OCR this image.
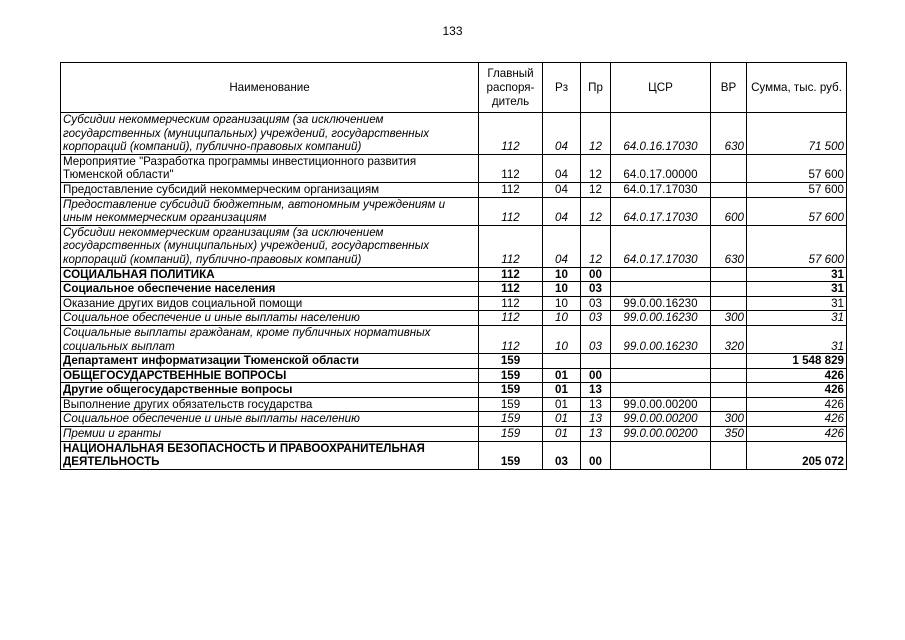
133
Наименование	Главный распоря-дитель	Рз	Пр	ЦСР	ВР	Сумма, тыс. руб.
Субсидии некоммерческим организациям (за исключением государственных (муниципальных) учреждений, государственных корпораций (компаний), публично-правовых компаний)	112	04	12	64.0.16.17030	630	71 500
Мероприятие "Разработка программы инвестиционного развития Тюменской области"	112	04	12	64.0.17.00000		57 600
Предоставление субсидий некоммерческим организациям	112	04	12	64.0.17.17030		57 600
Предоставление субсидий бюджетным, автономным учреждениям и иным некоммерческим организациям	112	04	12	64.0.17.17030	600	57 600
Субсидии некоммерческим организациям (за исключением государственных (муниципальных) учреждений, государственных корпораций (компаний), публично-правовых компаний)	112	04	12	64.0.17.17030	630	57 600
СОЦИАЛЬНАЯ ПОЛИТИКА	112	10	00			31
Социальное обеспечение населения	112	10	03			31
Оказание других видов социальной помощи	112	10	03	99.0.00.16230		31
Социальное обеспечение и иные выплаты населению	112	10	03	99.0.00.16230	300	31
Социальные выплаты гражданам, кроме публичных нормативных социальных выплат	112	10	03	99.0.00.16230	320	31
Департамент информатизации Тюменской области	159					1 548 829
ОБЩЕГОСУДАРСТВЕННЫЕ ВОПРОСЫ	159	01	00			426
Другие общегосударственные вопросы	159	01	13			426
Выполнение других обязательств государства	159	01	13	99.0.00.00200		426
Социальное обеспечение и иные выплаты населению	159	01	13	99.0.00.00200	300	426
Премии и гранты	159	01	13	99.0.00.00200	350	426
НАЦИОНАЛЬНАЯ БЕЗОПАСНОСТЬ И ПРАВООХРАНИТЕЛЬНАЯ ДЕЯТЕЛЬНОСТЬ	159	03	00			205 072
